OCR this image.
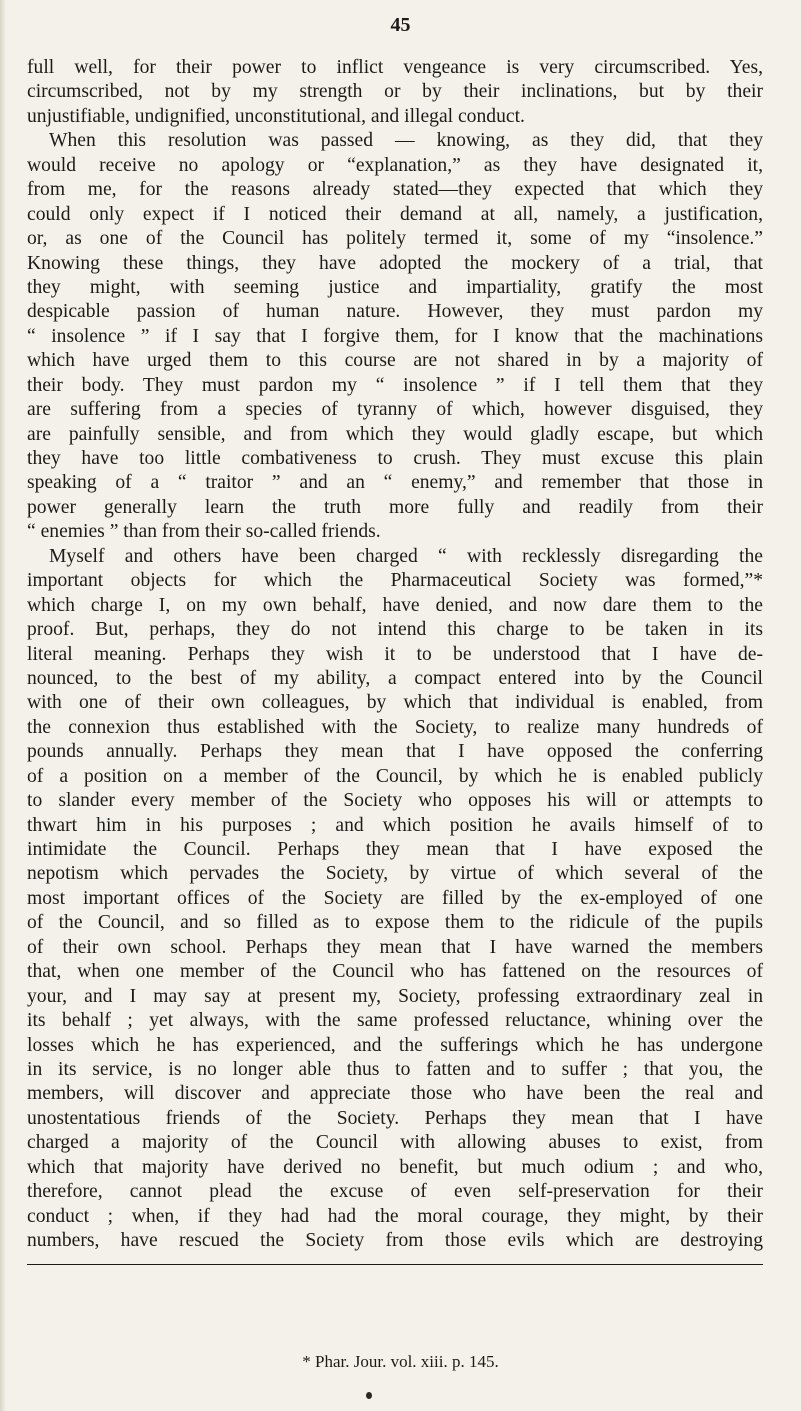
45
full well, for their power to inflict vengeance is very circumscribed. Yes,
circumscribed, not by my strength or by their inclinations, but by their
unjustifiable, undignified, unconstitutional, and illegal conduct.
When this resolution was passed — knowing, as they did, that they
would receive no apology or “explanation,” as they have designated it,
from me, for the reasons already stated—they expected that which they
could only expect if I noticed their demand at all, namely, a justification,
or, as one of the Council has politely termed it, some of my “insolence.”
Knowing these things, they have adopted the mockery of a trial, that
they might, with seeming justice and impartiality, gratify the most
despicable passion of human nature. However, they must pardon my
“ insolence ” if I say that I forgive them, for I know that the machinations
which have urged them to this course are not shared in by a majority of
their body. They must pardon my “ insolence ” if I tell them that they
are suffering from a species of tyranny of which, however disguised, they
are painfully sensible, and from which they would gladly escape, but which
they have too little combativeness to crush. They must excuse this plain
speaking of a “ traitor ” and an “ enemy,” and remember that those in
power generally learn the truth more fully and readily from their
“ enemies ” than from their so-called friends.
Myself and others have been charged “ with recklessly disregarding the
important objects for which the Pharmaceutical Society was formed,”*
which charge I, on my own behalf, have denied, and now dare them to the
proof. But, perhaps, they do not intend this charge to be taken in its
literal meaning. Perhaps they wish it to be understood that I have de-
nounced, to the best of my ability, a compact entered into by the Council
with one of their own colleagues, by which that individual is enabled, from
the connexion thus established with the Society, to realize many hundreds of
pounds annually. Perhaps they mean that I have opposed the conferring
of a position on a member of the Council, by which he is enabled publicly
to slander every member of the Society who opposes his will or attempts to
thwart him in his purposes ; and which position he avails himself of to
intimidate the Council. Perhaps they mean that I have exposed the
nepotism which pervades the Society, by virtue of which several of the
most important offices of the Society are filled by the ex-employed of one
of the Council, and so filled as to expose them to the ridicule of the pupils
of their own school. Perhaps they mean that I have warned the members
that, when one member of the Council who has fattened on the resources of
your, and I may say at present my, Society, professing extraordinary zeal in
its behalf ; yet always, with the same professed reluctance, whining over the
losses which he has experienced, and the sufferings which he has undergone
in its service, is no longer able thus to fatten and to suffer ; that you, the
members, will discover and appreciate those who have been the real and
unostentatious friends of the Society. Perhaps they mean that I have
charged a majority of the Council with allowing abuses to exist, from
which that majority have derived no benefit, but much odium ; and who,
therefore, cannot plead the excuse of even self-preservation for their
conduct ; when, if they had had the moral courage, they might, by their
numbers, have rescued the Society from those evils which are destroying
* Phar. Jour. vol. xiii. p. 145.
